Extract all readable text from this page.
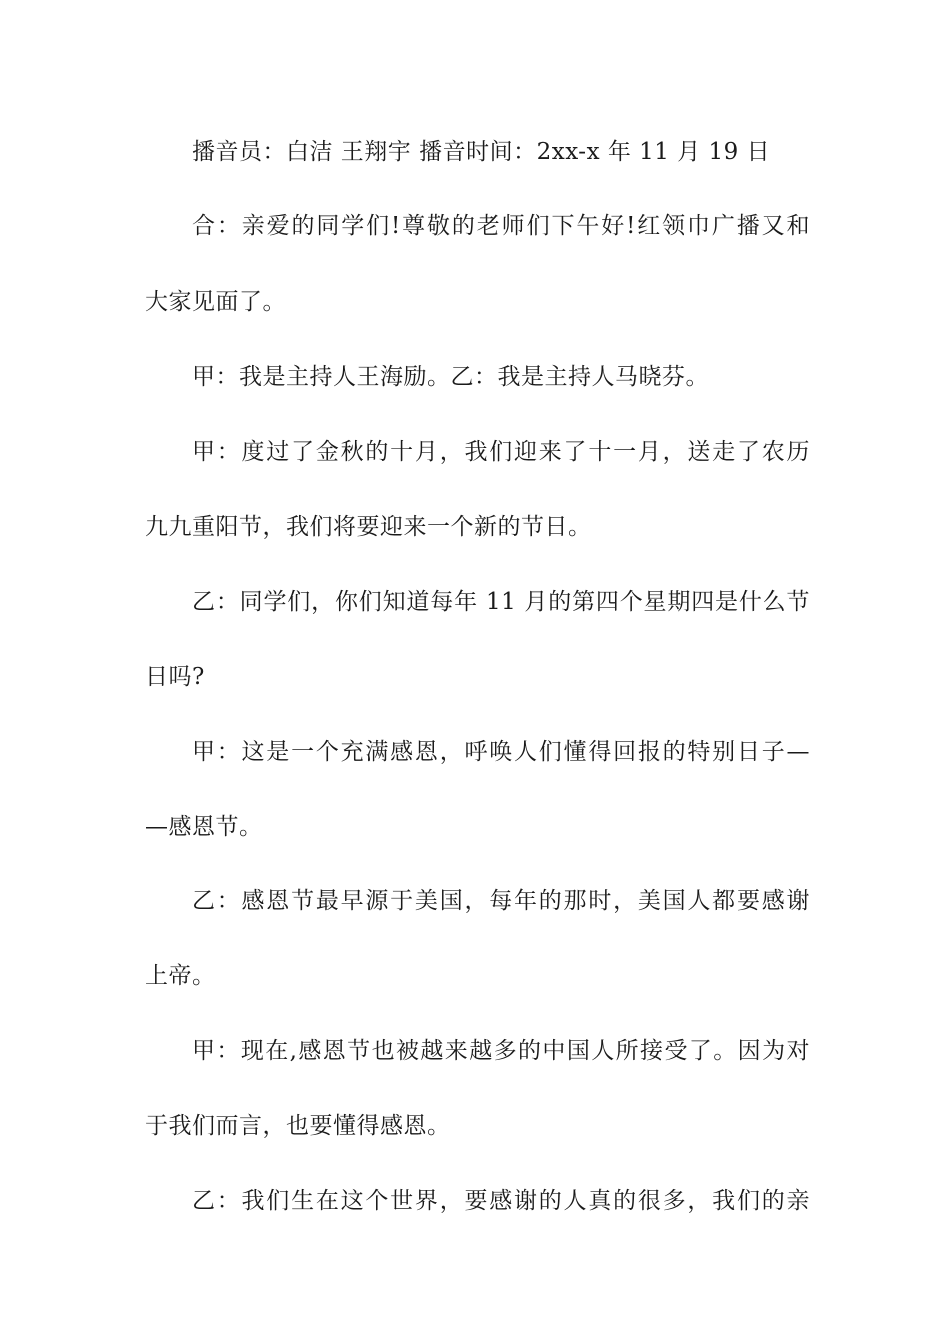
播音员：白洁 王翔宇 播音时间：2xx-x 年 11 月 19 日
合：亲爱的同学们!尊敬的老师们下午好!红领巾广播又和
大家见面了。
甲：我是主持人王海励。乙：我是主持人马晓芬。
甲：度过了金秋的十月，我们迎来了十一月，送走了农历
九九重阳节，我们将要迎来一个新的节日。
乙：同学们，你们知道每年 11 月的第四个星期四是什么节
日吗?
甲：这是一个充满感恩，呼唤人们懂得回报的特别日子—
—感恩节。
乙：感恩节最早源于美国，每年的那时，美国人都要感谢
上帝。
甲：现在,感恩节也被越来越多的中国人所接受了。因为对
于我们而言，也要懂得感恩。
乙：我们生在这个世界，要感谢的人真的很多，我们的亲
